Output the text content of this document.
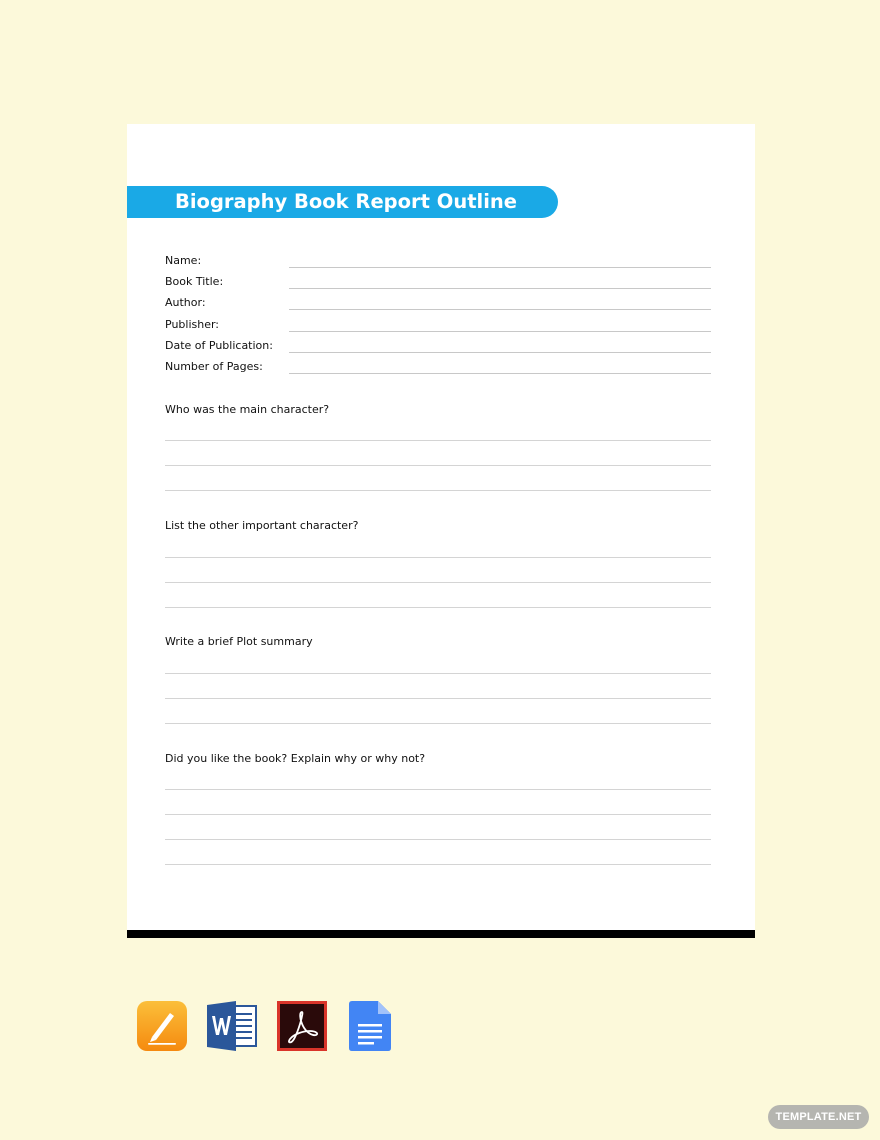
Biography Book Report Outline
Name:
Book Title:
Author:
Publisher:
Date of Publication:
Number of Pages:
Who was the main character?
List the other important character?
Write a brief Plot summary
Did you like the book? Explain why or why not?
TEMPLATE.NET
